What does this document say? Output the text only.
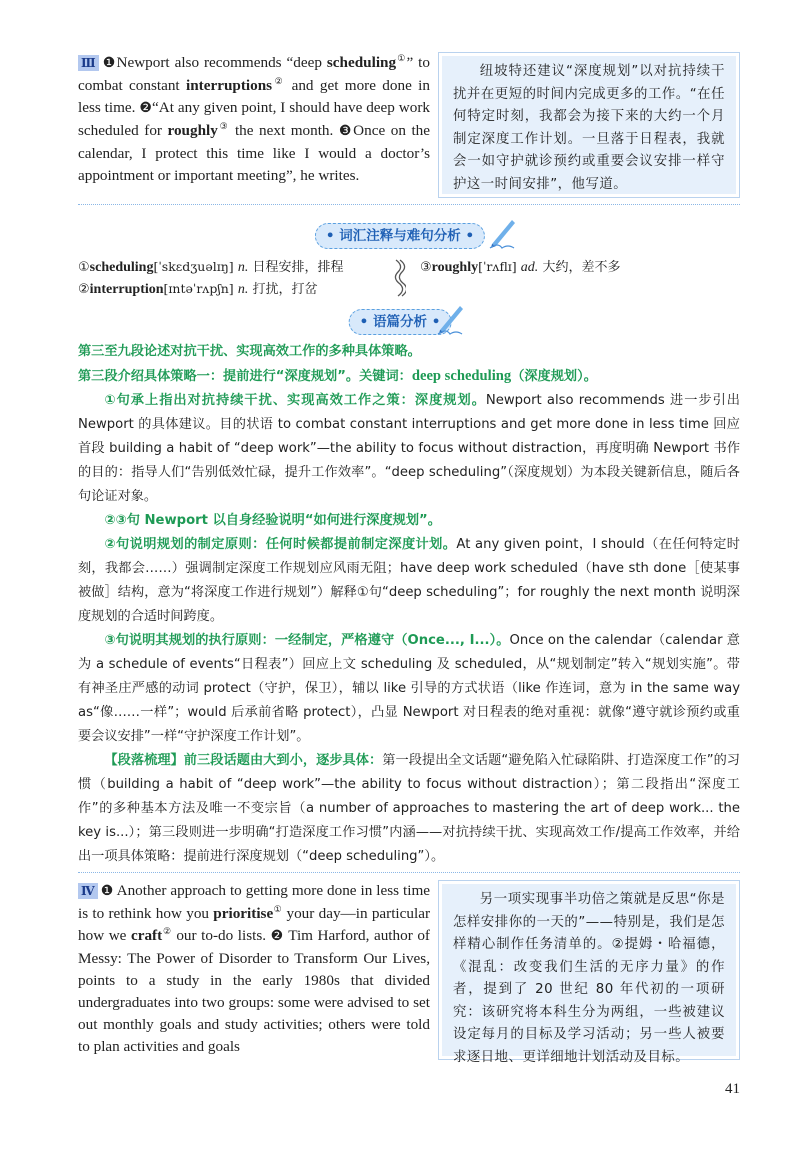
Ⅲ ❶Newport also recommends “deep scheduling①” to combat constant interruptions② and get more done in less time. ❷“At any given point, I should have deep work scheduled for roughly③ the next month. ❸Once on the calendar, I protect this time like I would a doctor’s appointment or important meeting”, he writes.

纽坡特还建议“深度规划”以对抗持续干扰并在更短的时间内完成更多的工作。“在任何特定时刻，我都会为接下来的大约一个月制定深度工作计划。一旦落于日程表，我就会一如守护就诊预约或重要会议安排一样守护这一时间安排”，他写道。

• 词汇注释与难句分析 •
①scheduling[ˈskɛdʒuəlɪŋ] n. 日程安排，排程
②interruption[ɪntəˈrʌpʃn] n. 打扰，打岔
③roughly[ˈrʌflɪ] ad. 大约，差不多
• 语篇分析 •

第三至九段论述对抗干扰、实现高效工作的多种具体策略。

第三段介绍具体策略一：提前进行“深度规划”。关键词：deep scheduling（深度规划）。

①句承上指出对抗持续干扰、实现高效工作之策：深度规划。Newport also recommends 进一步引出 Newport 的具体建议。目的状语 to combat constant interruptions and get more done in less time 回应首段 building a habit of “deep work”—the ability to focus without distraction，再度明确 Newport 书作的目的：指导人们“告别低效忙碌，提升工作效率”。“deep scheduling”（深度规划）为本段关键新信息，随后各句论证对象。

②③句 Newport 以自身经验说明“如何进行深度规划”。

②句说明规划的制定原则：任何时候都提前制定深度计划。At any given point，I should（在任何特定时刻，我都会……）强调制定深度工作规划应风雨无阻；have deep work scheduled（have sth done［使某事被做］结构，意为“将深度工作进行规划”）解释①句“deep scheduling”；for roughly the next month 说明深度规划的合适时间跨度。

③句说明其规划的执行原则：一经制定，严格遵守（Once..., I...）。Once on the calendar（calendar 意为 a schedule of events“日程表”）回应上文 scheduling 及 scheduled，从“规划制定”转入“规划实施”。带有神圣庄严感的动词 protect（守护，保卫），辅以 like 引导的方式状语（like 作连词，意为 in the same way as“像……一样”；would 后承前省略 protect），凸显 Newport 对日程表的绝对重视：就像“遵守就诊预约或重要会议安排”一样“守护深度工作计划”。

【段落梳理】前三段话题由大到小，逐步具体：第一段提出全文话题“避免陷入忙碌陷阱、打造深度工作”的习惯（building a habit of “deep work”—the ability to focus without distraction）；第二段指出“深度工作”的多种基本方法及唯一不变宗旨（a number of approaches to mastering the art of deep work... the key is...）；第三段则进一步明确“打造深度工作习惯”内涵——对抗持续干扰、实现高效工作/提高工作效率，并给出一项具体策略：提前进行深度规划（“deep scheduling”）。

Ⅳ ❶ Another approach to getting more done in less time is to rethink how you prioritise① your day—in particular how we craft② our to-do lists. ❷ Tim Harford, author of Messy: The Power of Disorder to Transform Our Lives, points to a study in the early 1980s that divided undergraduates into two groups: some were advised to set out monthly goals and study activities; others were told to plan activities and goals

另一项实现事半功倍之策就是反思“你是怎样安排你的一天的”——特别是，我们是怎样精心制作任务清单的。②提姆・哈福德，《混乱：改变我们生活的无序力量》的作者，提到了 20 世纪 80 年代初的一项研究：该研究将本科生分为两组，一些被建议设定每月的目标及学习活动；另一些人被要求逐日地、更详细地计划活动及目标。

41
